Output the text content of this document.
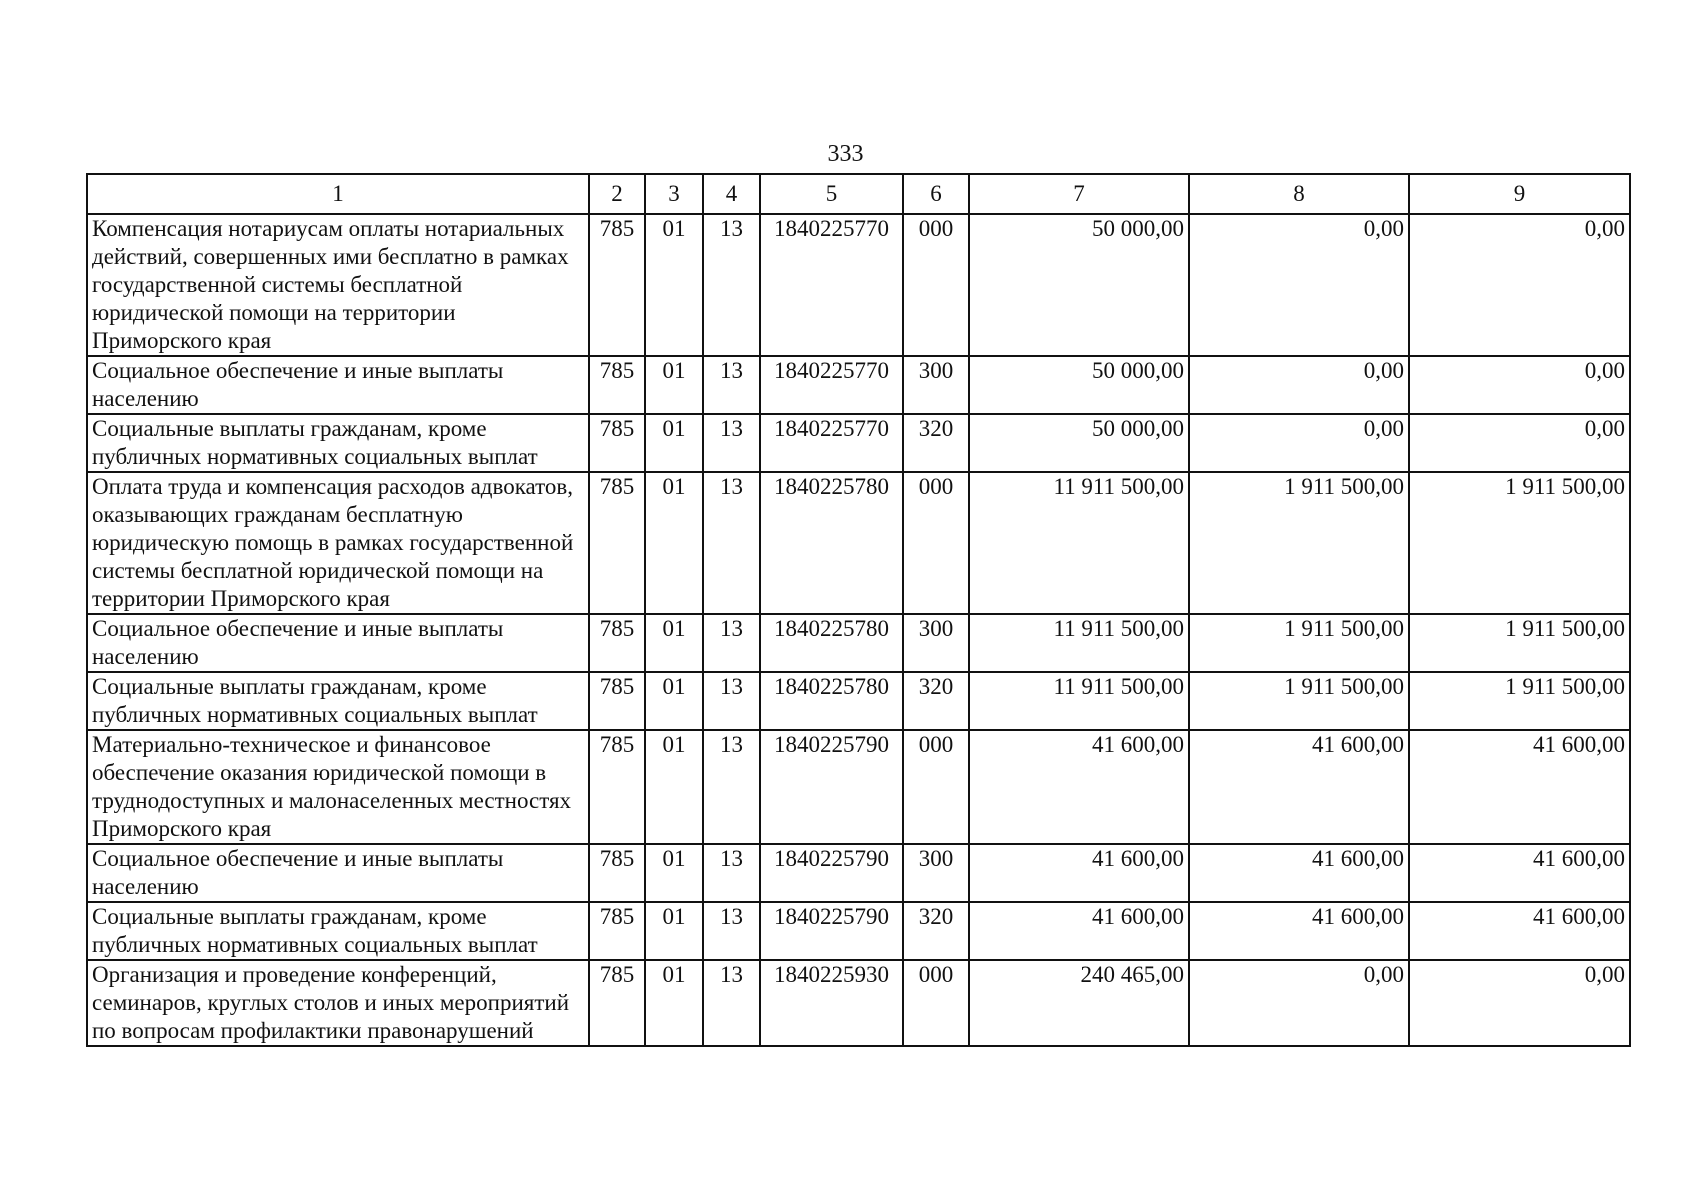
333
1	2	3	4	5	6	7	8	9
Компенсация нотариусам оплаты нотариальных действий, совершенных ими бесплатно в рамках государственной системы бесплатной юридической помощи на территории Приморского края	785	01	13	1840225770	000	50 000,00	0,00	0,00
Социальное обеспечение и иные выплаты населению	785	01	13	1840225770	300	50 000,00	0,00	0,00
Социальные выплаты гражданам, кроме публичных нормативных социальных выплат	785	01	13	1840225770	320	50 000,00	0,00	0,00
Оплата труда и компенсация расходов адвокатов, оказывающих гражданам бесплатную юридическую помощь в рамках государственной системы бесплатной юридической помощи на территории Приморского края	785	01	13	1840225780	000	11 911 500,00	1 911 500,00	1 911 500,00
Социальное обеспечение и иные выплаты населению	785	01	13	1840225780	300	11 911 500,00	1 911 500,00	1 911 500,00
Социальные выплаты гражданам, кроме публичных нормативных социальных выплат	785	01	13	1840225780	320	11 911 500,00	1 911 500,00	1 911 500,00
Материально-техническое и финансовое обеспечение оказания юридической помощи в труднодоступных и малонаселенных местностях Приморского края	785	01	13	1840225790	000	41 600,00	41 600,00	41 600,00
Социальное обеспечение и иные выплаты населению	785	01	13	1840225790	300	41 600,00	41 600,00	41 600,00
Социальные выплаты гражданам, кроме публичных нормативных социальных выплат	785	01	13	1840225790	320	41 600,00	41 600,00	41 600,00
Организация и проведение конференций, семинаров, круглых столов и иных мероприятий по вопросам профилактики правонарушений	785	01	13	1840225930	000	240 465,00	0,00	0,00
